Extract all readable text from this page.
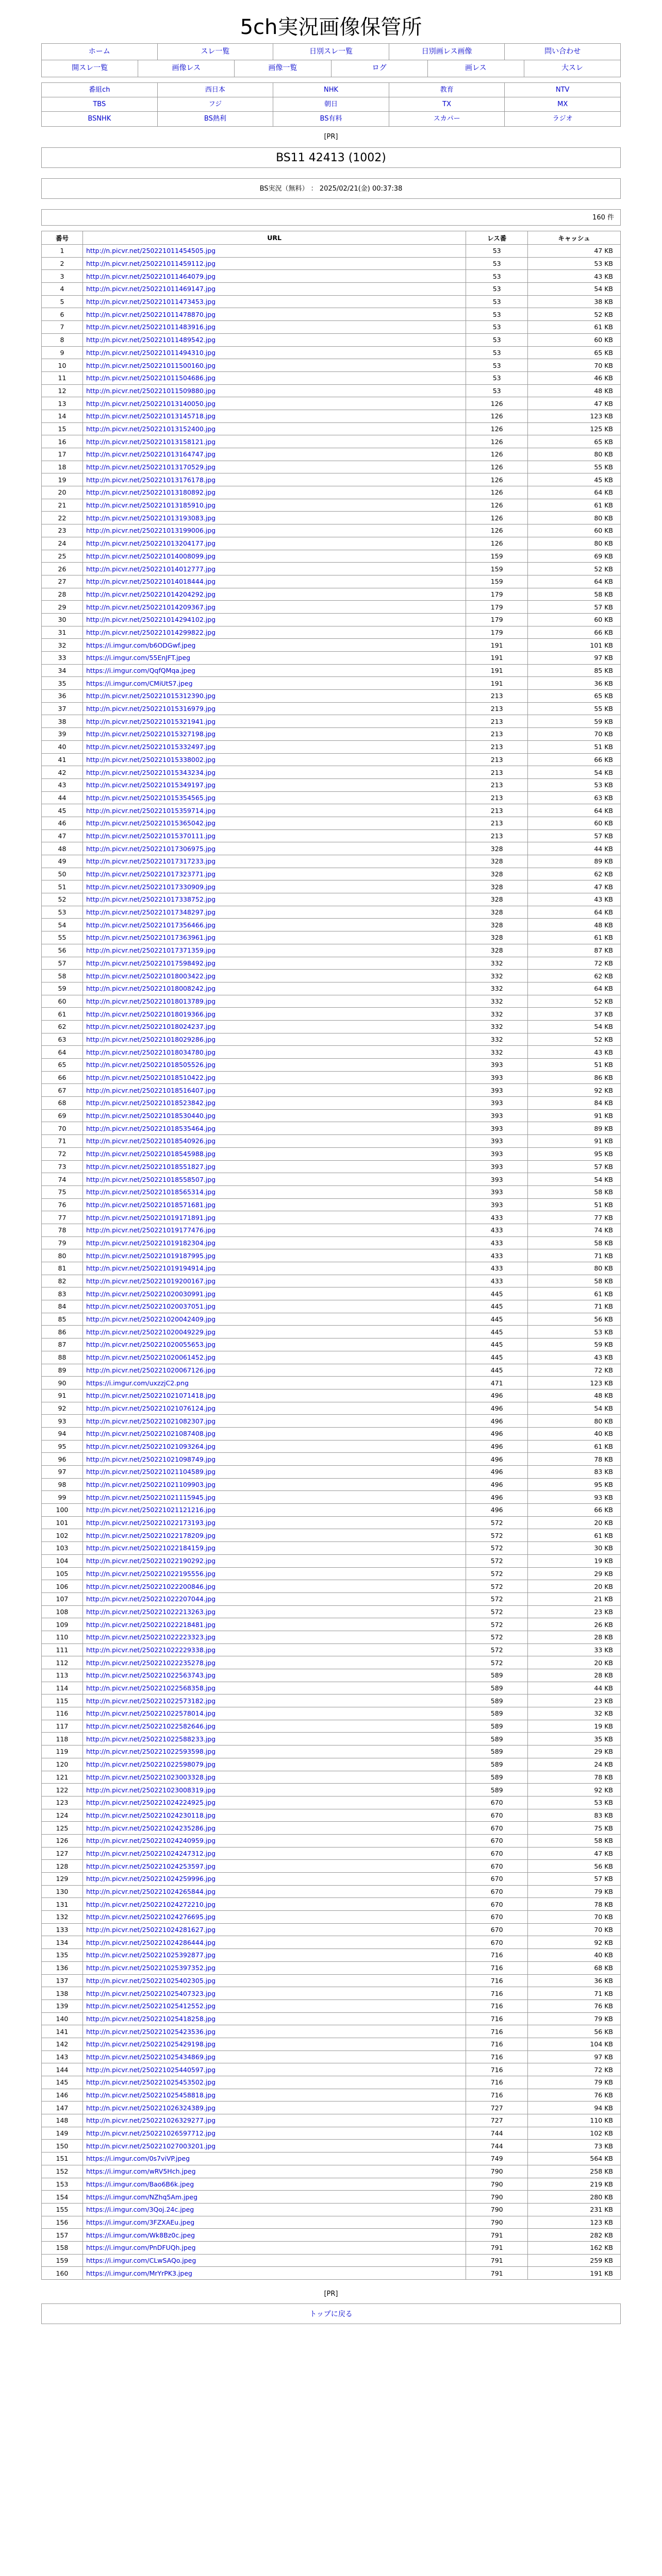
5ch実況画像保管所
ホーム	スレ一覧	日別スレ一覧	日別画レス画像	問い合わせ
開スレ一覧	画像レス	画像一覧	ログ	画レス	大スレ
番組ch	西日本	NHK	教育	NTV
TBS	フジ	朝日	TX	MX
BSNHK	BS熱利	BS有料	スカパー	ラジオ
[PR]
BS11 42413 (1002)
BS実況（無料） ： 2025/02/21(金) 00:37:38
160 件
番号	URL	レス番	キャッシュ
1	http://n.picvr.net/250221011454505.jpg	53	47 KB
2	http://n.picvr.net/250221011459112.jpg	53	53 KB
3	http://n.picvr.net/250221011464079.jpg	53	43 KB
4	http://n.picvr.net/250221011469147.jpg	53	54 KB
5	http://n.picvr.net/250221011473453.jpg	53	38 KB
6	http://n.picvr.net/250221011478870.jpg	53	52 KB
7	http://n.picvr.net/250221011483916.jpg	53	61 KB
8	http://n.picvr.net/250221011489542.jpg	53	60 KB
9	http://n.picvr.net/250221011494310.jpg	53	65 KB
10	http://n.picvr.net/250221011500160.jpg	53	70 KB
11	http://n.picvr.net/250221011504686.jpg	53	46 KB
12	http://n.picvr.net/250221011509880.jpg	53	48 KB
13	http://n.picvr.net/250221013140050.jpg	126	47 KB
14	http://n.picvr.net/250221013145718.jpg	126	123 KB
15	http://n.picvr.net/250221013152400.jpg	126	125 KB
16	http://n.picvr.net/250221013158121.jpg	126	65 KB
17	http://n.picvr.net/250221013164747.jpg	126	80 KB
18	http://n.picvr.net/250221013170529.jpg	126	55 KB
19	http://n.picvr.net/250221013176178.jpg	126	45 KB
20	http://n.picvr.net/250221013180892.jpg	126	64 KB
21	http://n.picvr.net/250221013185910.jpg	126	61 KB
22	http://n.picvr.net/250221013193083.jpg	126	80 KB
23	http://n.picvr.net/250221013199006.jpg	126	60 KB
24	http://n.picvr.net/250221013204177.jpg	126	80 KB
25	http://n.picvr.net/250221014008099.jpg	159	69 KB
26	http://n.picvr.net/250221014012777.jpg	159	52 KB
27	http://n.picvr.net/250221014018444.jpg	159	64 KB
28	http://n.picvr.net/250221014204292.jpg	179	58 KB
29	http://n.picvr.net/250221014209367.jpg	179	57 KB
30	http://n.picvr.net/250221014294102.jpg	179	60 KB
31	http://n.picvr.net/250221014299822.jpg	179	66 KB
32	https://i.imgur.com/b6ODGwf.jpeg	191	101 KB
33	https://i.imgur.com/55EnJFT.jpeg	191	97 KB
34	https://i.imgur.com/QqfQMqa.jpeg	191	85 KB
35	https://i.imgur.com/CMiUtS7.jpeg	191	36 KB
36	http://n.picvr.net/250221015312390.jpg	213	65 KB
37	http://n.picvr.net/250221015316979.jpg	213	55 KB
38	http://n.picvr.net/250221015321941.jpg	213	59 KB
39	http://n.picvr.net/250221015327198.jpg	213	70 KB
40	http://n.picvr.net/250221015332497.jpg	213	51 KB
41	http://n.picvr.net/250221015338002.jpg	213	66 KB
42	http://n.picvr.net/250221015343234.jpg	213	54 KB
43	http://n.picvr.net/250221015349197.jpg	213	53 KB
44	http://n.picvr.net/250221015354565.jpg	213	63 KB
45	http://n.picvr.net/250221015359714.jpg	213	64 KB
46	http://n.picvr.net/250221015365042.jpg	213	60 KB
47	http://n.picvr.net/250221015370111.jpg	213	57 KB
48	http://n.picvr.net/250221017306975.jpg	328	44 KB
49	http://n.picvr.net/250221017317233.jpg	328	89 KB
50	http://n.picvr.net/250221017323771.jpg	328	62 KB
51	http://n.picvr.net/250221017330909.jpg	328	47 KB
52	http://n.picvr.net/250221017338752.jpg	328	43 KB
53	http://n.picvr.net/250221017348297.jpg	328	64 KB
54	http://n.picvr.net/250221017356466.jpg	328	48 KB
55	http://n.picvr.net/250221017363961.jpg	328	61 KB
56	http://n.picvr.net/250221017371359.jpg	328	87 KB
57	http://n.picvr.net/250221017598492.jpg	332	72 KB
58	http://n.picvr.net/250221018003422.jpg	332	62 KB
59	http://n.picvr.net/250221018008242.jpg	332	64 KB
60	http://n.picvr.net/250221018013789.jpg	332	52 KB
61	http://n.picvr.net/250221018019366.jpg	332	37 KB
62	http://n.picvr.net/250221018024237.jpg	332	54 KB
63	http://n.picvr.net/250221018029286.jpg	332	52 KB
64	http://n.picvr.net/250221018034780.jpg	332	43 KB
65	http://n.picvr.net/250221018505526.jpg	393	51 KB
66	http://n.picvr.net/250221018510422.jpg	393	86 KB
67	http://n.picvr.net/250221018516407.jpg	393	92 KB
68	http://n.picvr.net/250221018523842.jpg	393	84 KB
69	http://n.picvr.net/250221018530440.jpg	393	91 KB
70	http://n.picvr.net/250221018535464.jpg	393	89 KB
71	http://n.picvr.net/250221018540926.jpg	393	91 KB
72	http://n.picvr.net/250221018545988.jpg	393	95 KB
73	http://n.picvr.net/250221018551827.jpg	393	57 KB
74	http://n.picvr.net/250221018558507.jpg	393	54 KB
75	http://n.picvr.net/250221018565314.jpg	393	58 KB
76	http://n.picvr.net/250221018571681.jpg	393	51 KB
77	http://n.picvr.net/250221019171891.jpg	433	77 KB
78	http://n.picvr.net/250221019177476.jpg	433	74 KB
79	http://n.picvr.net/250221019182304.jpg	433	58 KB
80	http://n.picvr.net/250221019187995.jpg	433	71 KB
81	http://n.picvr.net/250221019194914.jpg	433	80 KB
82	http://n.picvr.net/250221019200167.jpg	433	58 KB
83	http://n.picvr.net/250221020030991.jpg	445	61 KB
84	http://n.picvr.net/250221020037051.jpg	445	71 KB
85	http://n.picvr.net/250221020042409.jpg	445	56 KB
86	http://n.picvr.net/250221020049229.jpg	445	53 KB
87	http://n.picvr.net/250221020055653.jpg	445	59 KB
88	http://n.picvr.net/250221020061452.jpg	445	43 KB
89	http://n.picvr.net/250221020067126.jpg	445	72 KB
90	https://i.imgur.com/uxzzjC2.png	471	123 KB
91	http://n.picvr.net/250221021071418.jpg	496	48 KB
92	http://n.picvr.net/250221021076124.jpg	496	54 KB
93	http://n.picvr.net/250221021082307.jpg	496	80 KB
94	http://n.picvr.net/250221021087408.jpg	496	40 KB
95	http://n.picvr.net/250221021093264.jpg	496	61 KB
96	http://n.picvr.net/250221021098749.jpg	496	78 KB
97	http://n.picvr.net/250221021104589.jpg	496	83 KB
98	http://n.picvr.net/250221021109903.jpg	496	95 KB
99	http://n.picvr.net/250221021115945.jpg	496	93 KB
100	http://n.picvr.net/250221021121216.jpg	496	66 KB
101	http://n.picvr.net/250221022173193.jpg	572	20 KB
102	http://n.picvr.net/250221022178209.jpg	572	61 KB
103	http://n.picvr.net/250221022184159.jpg	572	30 KB
104	http://n.picvr.net/250221022190292.jpg	572	19 KB
105	http://n.picvr.net/250221022195556.jpg	572	29 KB
106	http://n.picvr.net/250221022200846.jpg	572	20 KB
107	http://n.picvr.net/250221022207044.jpg	572	21 KB
108	http://n.picvr.net/250221022213263.jpg	572	23 KB
109	http://n.picvr.net/250221022218481.jpg	572	26 KB
110	http://n.picvr.net/250221022223323.jpg	572	28 KB
111	http://n.picvr.net/250221022229338.jpg	572	33 KB
112	http://n.picvr.net/250221022235278.jpg	572	20 KB
113	http://n.picvr.net/250221022563743.jpg	589	28 KB
114	http://n.picvr.net/250221022568358.jpg	589	44 KB
115	http://n.picvr.net/250221022573182.jpg	589	23 KB
116	http://n.picvr.net/250221022578014.jpg	589	32 KB
117	http://n.picvr.net/250221022582646.jpg	589	19 KB
118	http://n.picvr.net/250221022588233.jpg	589	35 KB
119	http://n.picvr.net/250221022593598.jpg	589	29 KB
120	http://n.picvr.net/250221022598079.jpg	589	24 KB
121	http://n.picvr.net/250221023003328.jpg	589	78 KB
122	http://n.picvr.net/250221023008319.jpg	589	92 KB
123	http://n.picvr.net/250221024224925.jpg	670	53 KB
124	http://n.picvr.net/250221024230118.jpg	670	83 KB
125	http://n.picvr.net/250221024235286.jpg	670	75 KB
126	http://n.picvr.net/250221024240959.jpg	670	58 KB
127	http://n.picvr.net/250221024247312.jpg	670	47 KB
128	http://n.picvr.net/250221024253597.jpg	670	56 KB
129	http://n.picvr.net/250221024259996.jpg	670	57 KB
130	http://n.picvr.net/250221024265844.jpg	670	79 KB
131	http://n.picvr.net/250221024272210.jpg	670	78 KB
132	http://n.picvr.net/250221024276695.jpg	670	70 KB
133	http://n.picvr.net/250221024281627.jpg	670	70 KB
134	http://n.picvr.net/250221024286444.jpg	670	92 KB
135	http://n.picvr.net/250221025392877.jpg	716	40 KB
136	http://n.picvr.net/250221025397352.jpg	716	68 KB
137	http://n.picvr.net/250221025402305.jpg	716	36 KB
138	http://n.picvr.net/250221025407323.jpg	716	71 KB
139	http://n.picvr.net/250221025412552.jpg	716	76 KB
140	http://n.picvr.net/250221025418258.jpg	716	79 KB
141	http://n.picvr.net/250221025423536.jpg	716	56 KB
142	http://n.picvr.net/250221025429198.jpg	716	104 KB
143	http://n.picvr.net/250221025434869.jpg	716	97 KB
144	http://n.picvr.net/250221025440597.jpg	716	72 KB
145	http://n.picvr.net/250221025453502.jpg	716	79 KB
146	http://n.picvr.net/250221025458818.jpg	716	76 KB
147	http://n.picvr.net/250221026324389.jpg	727	94 KB
148	http://n.picvr.net/250221026329277.jpg	727	110 KB
149	http://n.picvr.net/250221026597712.jpg	744	102 KB
150	http://n.picvr.net/250221027003201.jpg	744	73 KB
151	https://i.imgur.com/0s7viVP.jpeg	749	564 KB
152	https://i.imgur.com/wRV5Hch.jpeg	790	258 KB
153	https://i.imgur.com/Bao6B6k.jpeg	790	219 KB
154	https://i.imgur.com/NZhq5Am.jpeg	790	280 KB
155	https://i.imgur.com/3Qoj.24c.jpeg	790	231 KB
156	https://i.imgur.com/3FZXAEu.jpeg	790	123 KB
157	https://i.imgur.com/Wk8Bz0c.jpeg	791	282 KB
158	https://i.imgur.com/PnDFUQh.jpeg	791	162 KB
159	https://i.imgur.com/CLwSAQo.jpeg	791	259 KB
160	https://i.imgur.com/MrYrPK3.jpeg	791	191 KB
[PR]
トップに戻る
